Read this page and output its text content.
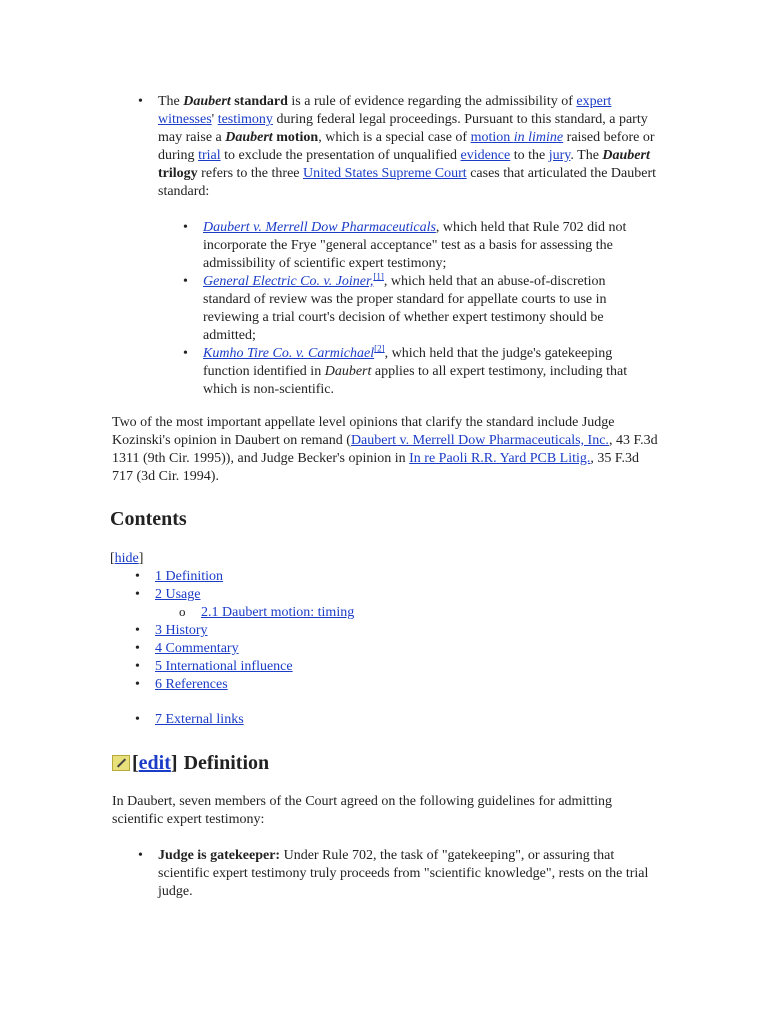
• The Daubert standard is a rule of evidence regarding the admissibility of expert witnesses' testimony during federal legal proceedings. Pursuant to this standard, a party may raise a Daubert motion, which is a special case of motion in limine raised before or during trial to exclude the presentation of unqualified evidence to the jury. The Daubert trilogy refers to the three United States Supreme Court cases that articulated the Daubert standard:
• Daubert v. Merrell Dow Pharmaceuticals, which held that Rule 702 did not incorporate the Frye "general acceptance" test as a basis for assessing the admissibility of scientific expert testimony;
• General Electric Co. v. Joiner,[1], which held that an abuse-of-discretion standard of review was the proper standard for appellate courts to use in reviewing a trial court's decision of whether expert testimony should be admitted;
• Kumho Tire Co. v. Carmichael[2], which held that the judge's gatekeeping function identified in Daubert applies to all expert testimony, including that which is non-scientific.
Two of the most important appellate level opinions that clarify the standard include Judge Kozinski's opinion in Daubert on remand (Daubert v. Merrell Dow Pharmaceuticals, Inc., 43 F.3d 1311 (9th Cir. 1995)), and Judge Becker's opinion in In re Paoli R.R. Yard PCB Litig., 35 F.3d 717 (3d Cir. 1994).
Contents
[hide]
• 1 Definition
• 2 Usage
o 2.1 Daubert motion: timing
• 3 History
• 4 Commentary
• 5 International influence
• 6 References
• 7 External links
[edit] Definition
In Daubert, seven members of the Court agreed on the following guidelines for admitting scientific expert testimony:
• Judge is gatekeeper: Under Rule 702, the task of "gatekeeping", or assuring that scientific expert testimony truly proceeds from "scientific knowledge", rests on the trial judge.
